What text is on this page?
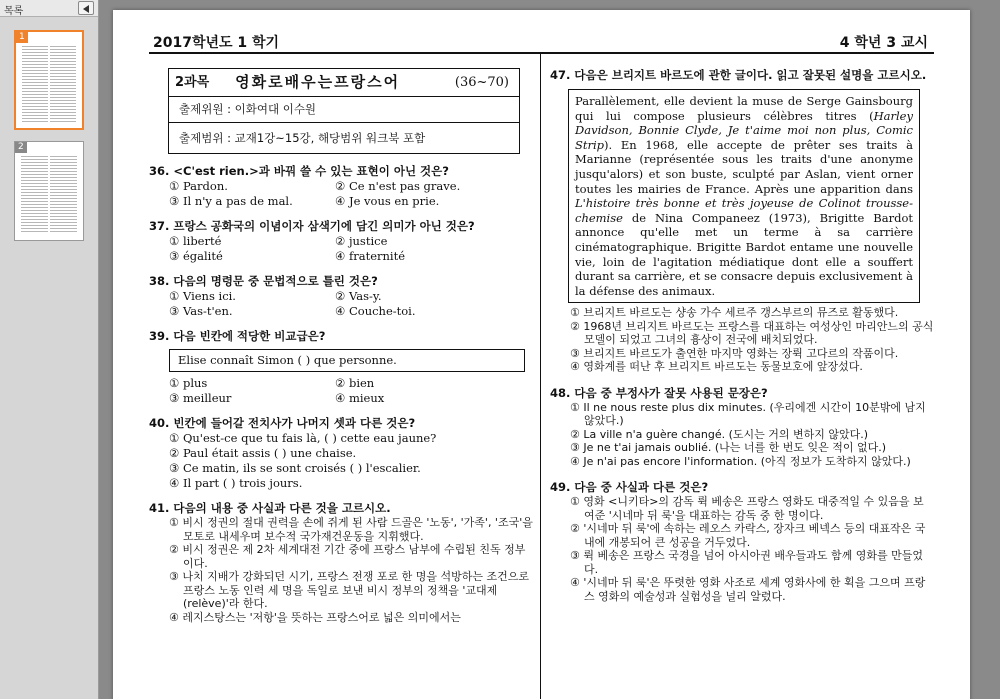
목록
1
2
2017학년도 1 학기	4 학년 3 교시
2과목 영화로배우는프랑스어	(36~70)
출제위원 : 이화여대 이수원
출제범위 : 교재1강~15강, 해당범위 워크북 포함
36. <C'est rien.>과 바꿔 쓸 수 있는 표현이 아닌 것은?
① Pardon.	② Ce n'est pas grave.
③ Il n'y a pas de mal.	④ Je vous en prie.
37. 프랑스 공화국의 이념이자 삼색기에 담긴 의미가 아닌 것은?
① liberté	② justice
③ égalité	④ fraternité
38. 다음의 명령문 중 문법적으로 틀린 것은?
① Viens ici.	② Vas-y.
③ Vas-t'en.	④ Couche-toi.
39. 다음 빈칸에 적당한 비교급은?
Elise connaît Simon ( ) que personne.
① plus	② bien
③ meilleur	④ mieux
40. 빈칸에 들어갈 전치사가 나머지 셋과 다른 것은?
① Qu'est-ce que tu fais là, ( ) cette eau jaune?
② Paul était assis ( ) une chaise.
③ Ce matin, ils se sont croisés ( ) l'escalier.
④ Il part ( ) trois jours.
41. 다음의 내용 중 사실과 다른 것을 고르시오.
① 비시 정권의 절대 권력을 손에 쥐게 된 사람 드골은 '노동', '가족', '조국'을 모토로 내세우며 보수적 국가재건운동을 지휘했다.
② 비시 정권은 제 2차 세계대전 기간 중에 프랑스 남부에 수립된 친독 정부이다.
③ 나치 지배가 강화되던 시기, 프랑스 전쟁 포로 한 명을 석방하는 조건으로 프랑스 노동 인력 세 명을 독일로 보낸 비시 정부의 정책을 '교대제(relève)'라 한다.
④ 레지스탕스는 '저항'을 뜻하는 프랑스어로 넓은 의미에서는
47. 다음은 브리지트 바르도에 관한 글이다. 읽고 잘못된 설명을 고르시오.
Parallèlement, elle devient la muse de Serge Gainsbourg qui lui compose plusieurs célèbres titres (Harley Davidson, Bonnie Clyde, Je t'aime moi non plus, Comic Strip). En 1968, elle accepte de prêter ses traits à Marianne (représentée sous les traits d'une anonyme jusqu'alors) et son buste, sculpté par Aslan, vient orner toutes les mairies de France. Après une apparition dans L'histoire très bonne et très joyeuse de Colinot trousse-chemise de Nina Companeez (1973), Brigitte Bardot annonce qu'elle met un terme à sa carrière cinématographique. Brigitte Bardot entame une nouvelle vie, loin de l'agitation médiatique dont elle a souffert durant sa carrière, et se consacre depuis exclusivement à la défense des animaux.
① 브리지트 바르도는 샹송 가수 세르주 갱스부르의 뮤즈로 활동했다.
② 1968년 브리지트 바르도는 프랑스를 대표하는 여성상인 마리안느의 공식 모델이 되었고 그녀의 흉상이 전국에 배치되었다.
③ 브리지트 바르도가 출연한 마지막 영화는 장뤽 고다르의 작품이다.
④ 영화계를 떠난 후 브리지트 바르도는 동물보호에 앞장섰다.
48. 다음 중 부정사가 잘못 사용된 문장은?
① Il ne nous reste plus dix minutes. (우리에겐 시간이 10분밖에 남지 않았다.)
② La ville n'a guère changé. (도시는 거의 변하지 않았다.)
③ Je ne t'ai jamais oublié. (나는 너를 한 번도 잊은 적이 없다.)
④ Je n'ai pas encore l'information. (아직 정보가 도착하지 않았다.)
49. 다음 중 사실과 다른 것은?
① 영화 <니키타>의 감독 뤽 베송은 프랑스 영화도 대중적일 수 있음을 보여준 '시네마 뒤 룩'을 대표하는 감독 중 한 명이다.
② '시네마 뒤 룩'에 속하는 레오스 카락스, 장자크 베넥스 등의 대표작은 국내에 개봉되어 큰 성공을 거두었다.
③ 뤽 베송은 프랑스 국경을 넘어 아시아권 배우들과도 함께 영화를 만들었다.
④ '시네마 뒤 룩'은 뚜렷한 영화 사조로 세계 영화사에 한 획을 그으며 프랑스 영화의 예술성과 실험성을 널리 알렸다.
